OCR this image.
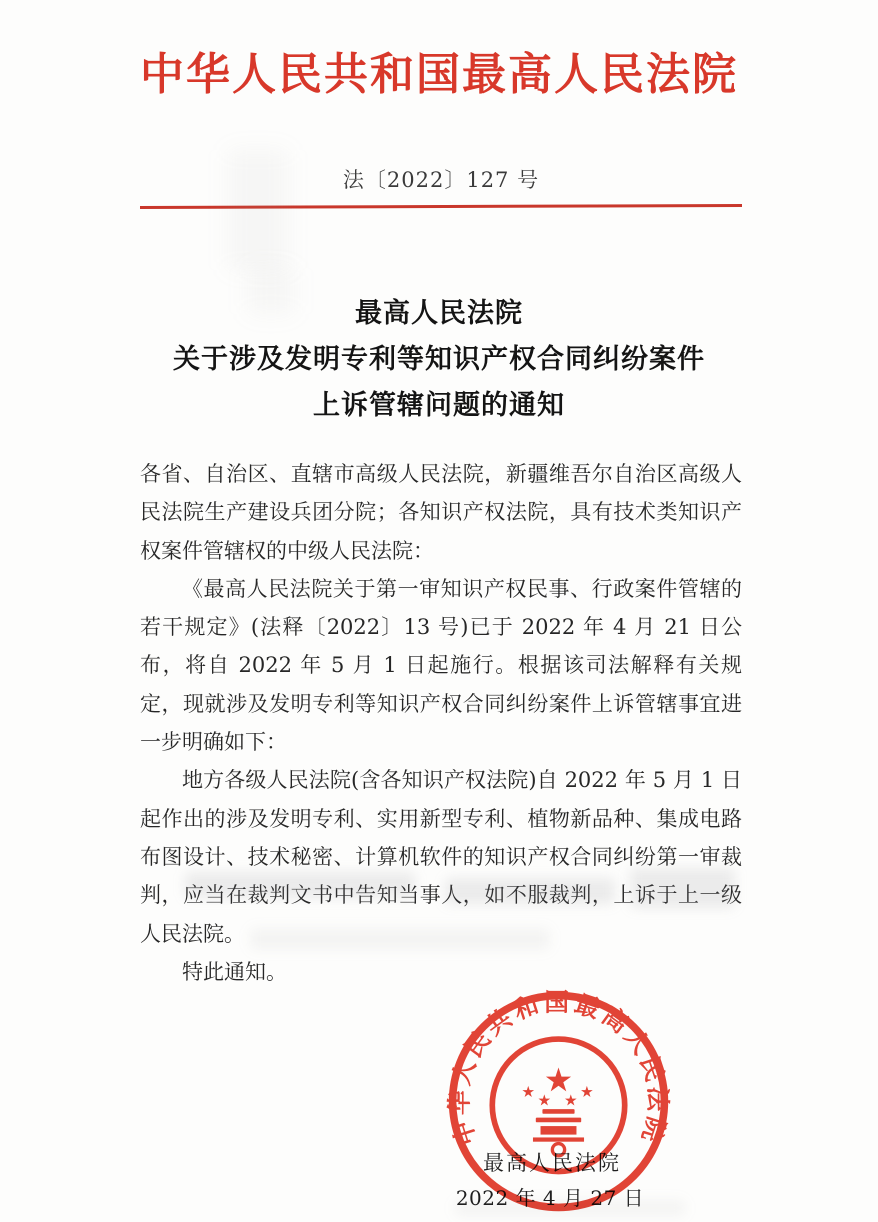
中华人民共和国最高人民法院
法〔2022〕127 号
最高人民法院
关于涉及发明专利等知识产权合同纠纷案件
上诉管辖问题的通知

各省、自治区、直辖市高级人民法院，新疆维吾尔自治区高级人民法院生产建设兵团分院；各知识产权法院，具有技术类知识产权案件管辖权的中级人民法院：

《最高人民法院关于第一审知识产权民事、行政案件管辖的若干规定》(法释〔2022〕13 号)已于 2022 年 4 月 21 日公布，将自 2022 年 5 月 1 日起施行。根据该司法解释有关规定，现就涉及发明专利等知识产权合同纠纷案件上诉管辖事宜进一步明确如下：

地方各级人民法院(含各知识产权法院)自 2022 年 5 月 1 日起作出的涉及发明专利、实用新型专利、植物新品种、集成电路布图设计、技术秘密、计算机软件的知识产权合同纠纷第一审裁判，应当在裁判文书中告知当事人，如不服裁判，上诉于上一级人民法院。

特此通知。

最高人民法院
2022 年 4 月 27 日
中华人民共和国最高人民法院
